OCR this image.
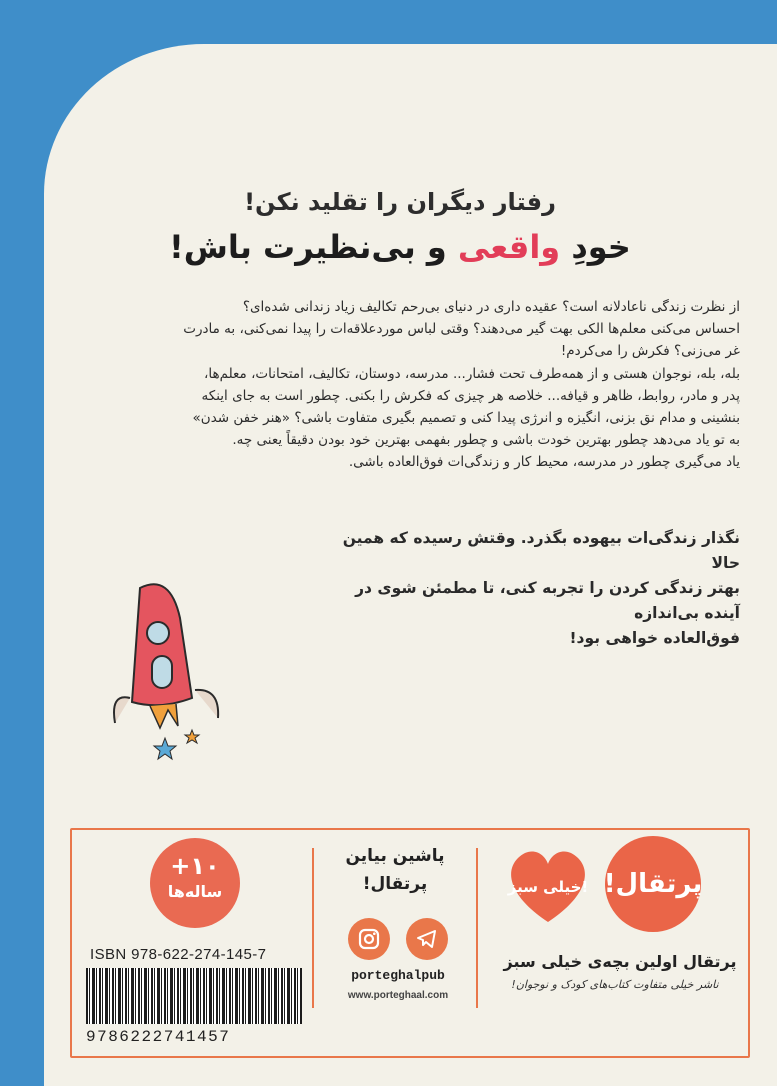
رفتار دیگران را تقلید نکن!
خودِ واقعی و بی‌نظیرت باش!
از نظرت زندگی ناعادلانه است؟ عقیده داری در دنیای بی‌رحم تکالیف زیاد زندانی شده‌ای؟
احساس می‌کنی معلم‌ها الکی بهت گیر می‌دهند؟ وقتی لباس موردعلاقه‌ات را پیدا نمی‌کنی، به مادرت
غر می‌زنی؟ فکرش را می‌کردم!
بله، بله، نوجوان هستی و از همه‌طرف تحت فشار... مدرسه، دوستان، تکالیف، امتحانات، معلم‌ها،
پدر و مادر، روابط، ظاهر و قیافه... خلاصه هر چیزی که فکرش را بکنی. چطور است به جای اینکه
بنشینی و مدام نق بزنی، انگیزه و انرژی پیدا کنی و تصمیم بگیری متفاوت باشی؟ «هنر خفن شدن»
به تو یاد می‌دهد چطور بهترین خودت باشی و چطور بفهمی بهترین خود بودن دقیقاً یعنی چه.
یاد می‌گیری چطور در مدرسه، محیط کار و زندگی‌ات فوق‌العاده باشی.
نگذار زندگی‌ات بیهوده بگذرد. وقتش رسیده که همین حالا
بهتر زندگی کردن را تجربه کنی، تا مطمئن شوی در آینده بی‌اندازه
فوق‌العاده خواهی بود!
+۱۰
ساله‌ها
ISBN 978-622-274-145-7
9786222741457
پاشین بیاین
پرتقال!
porteghalpub
www.porteghaal.com
خیلی سبز! پرتقال!
پرتقال اولین بچه‌ی خیلی سبز
ناشر خیلی متفاوت کتاب‌های کودک و نوجوان!
